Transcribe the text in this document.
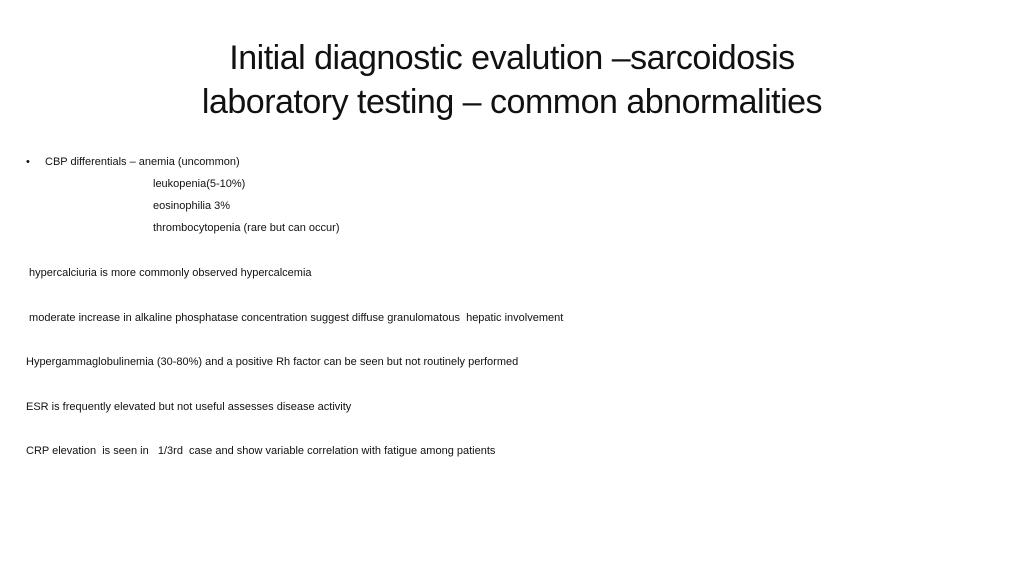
Initial diagnostic evalution –sarcoidosis
laboratory testing – common abnormalities
• CBP differentials – anemia (uncommon)
leukopenia(5-10%)
eosinophilia 3%
thrombocytopenia (rare but can occur)
hypercalciuria is more commonly observed hypercalcemia
moderate increase in alkaline phosphatase concentration suggest diffuse granulomatous  hepatic involvement
Hypergammaglobulinemia (30-80%) and a positive Rh factor can be seen but not routinely performed
ESR is frequently elevated but not useful assesses disease activity
CRP elevation  is seen in   1/3rd  case and show variable correlation with fatigue among patients
